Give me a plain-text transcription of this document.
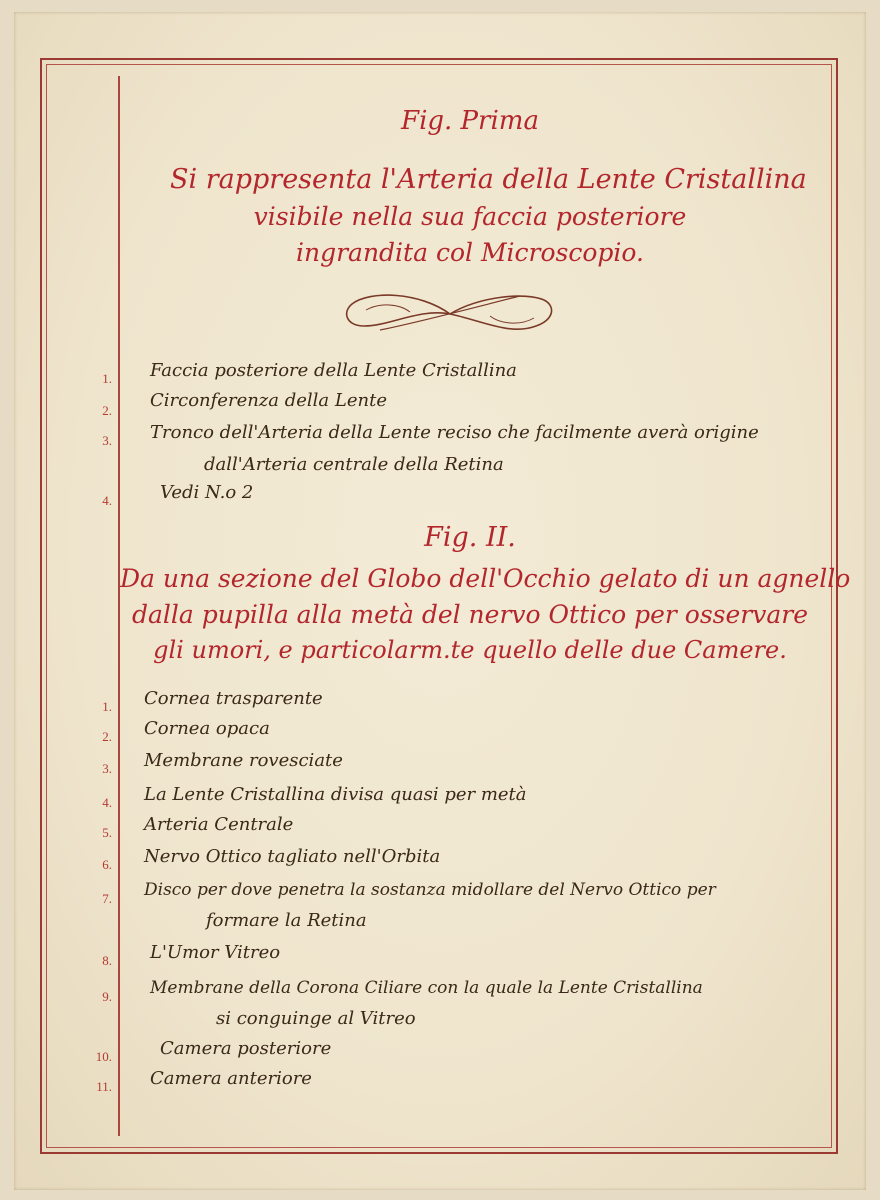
Fig. Prima
Si rappresenta l'Arteria della Lente Cristallina
visibile nella sua faccia posteriore
ingrandita col Microscopio.
1.	Faccia posteriore della Lente Cristallina
2.	Circonferenza della Lente
3.	Tronco dell'Arteria della Lente reciso che facilmente averà origine
dall'Arteria centrale della Retina
4.	Vedi N.o 2
Fig. II.
Da una sezione del Globo dell'Occhio gelato di un agnello
dalla pupilla alla metà del nervo Ottico per osservare
gli umori, e particolarm.te quello delle due Camere.
1.	Cornea trasparente
2.	Cornea opaca
3.	Membrane rovesciate
4.	La Lente Cristallina divisa quasi per metà
5.	Arteria Centrale
6.	Nervo Ottico tagliato nell'Orbita
7.	Disco per dove penetra la sostanza midollare del Nervo Ottico per
formare la Retina
8.	L'Umor Vitreo
9.	Membrane della Corona Ciliare con la quale la Lente Cristallina
si conguinge al Vitreo
10.	Camera posteriore
11.	Camera anteriore
